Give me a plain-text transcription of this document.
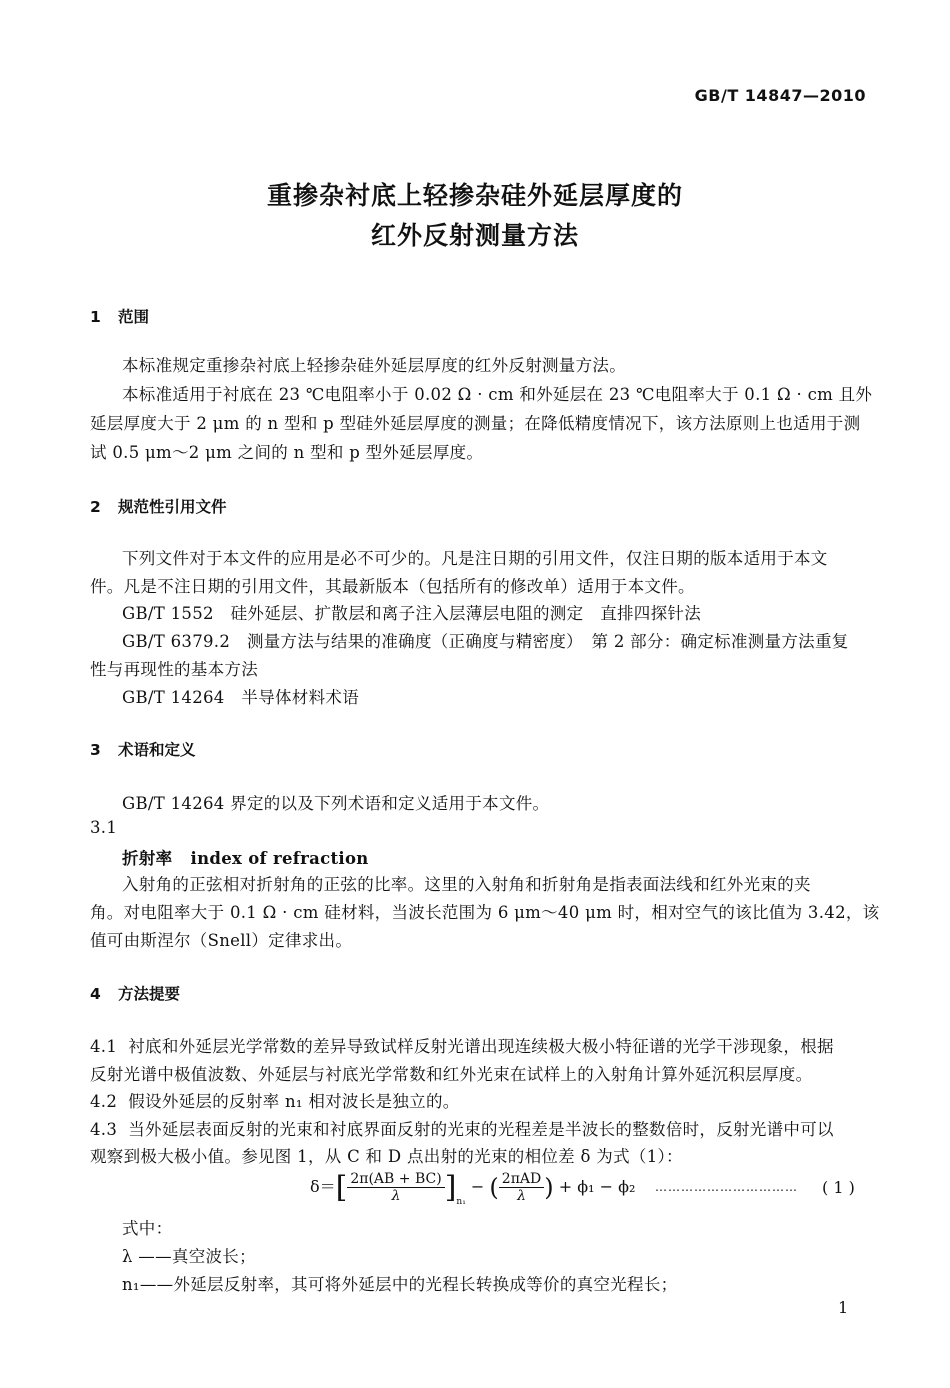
GB/T 14847—2010
重掺杂衬底上轻掺杂硅外延层厚度的
红外反射测量方法
1 范围
本标准规定重掺杂衬底上轻掺杂硅外延层厚度的红外反射测量方法。
本标准适用于衬底在 23 ℃电阻率小于 0.02 Ω · cm 和外延层在 23 ℃电阻率大于 0.1 Ω · cm 且外
延层厚度大于 2 μm 的 n 型和 p 型硅外延层厚度的测量；在降低精度情况下，该方法原则上也适用于测
试 0.5 μm～2 μm 之间的 n 型和 p 型外延层厚度。
2 规范性引用文件
下列文件对于本文件的应用是必不可少的。凡是注日期的引用文件，仅注日期的版本适用于本文
件。凡是不注日期的引用文件，其最新版本（包括所有的修改单）适用于本文件。
GB/T 1552　硅外延层、扩散层和离子注入层薄层电阻的测定　直排四探针法
GB/T 6379.2　测量方法与结果的准确度（正确度与精密度）　第 2 部分：确定标准测量方法重复
性与再现性的基本方法
GB/T 14264　半导体材料术语
3 术语和定义
GB/T 14264 界定的以及下列术语和定义适用于本文件。
3.1
折射率 index of refraction
入射角的正弦相对折射角的正弦的比率。这里的入射角和折射角是指表面法线和红外光束的夹
角。对电阻率大于 0.1 Ω · cm 硅材料，当波长范围为 6 μm～40 μm 时，相对空气的该比值为 3.42，该
值可由斯涅尔（Snell）定律求出。
4 方法提要
4.1 衬底和外延层光学常数的差异导致试样反射光谱出现连续极大极小特征谱的光学干涉现象，根据
反射光谱中极值波数、外延层与衬底光学常数和红外光束在试样上的入射角计算外延沉积层厚度。
4.2 假设外延层的反射率 n₁ 相对波长是独立的。
4.3 当外延层表面反射的光束和衬底界面反射的光束的光程差是半波长的整数倍时，反射光谱中可以
观察到极大极小值。参见图 1，从 C 和 D 点出射的光束的相位差 δ 为式（1）：
$\delta=[ \frac{2\pi(AB + BC)}{\lambda} ]_{n_1}$ − ( $\frac{\text{2πAD}}{\lambda}$ ) + ϕ₁ − ϕ₂ …………………………… ( 1 )
式中：
λ ——真空波长；
n₁——外延层反射率，其可将外延层中的光程长转换成等价的真空光程长；
1
